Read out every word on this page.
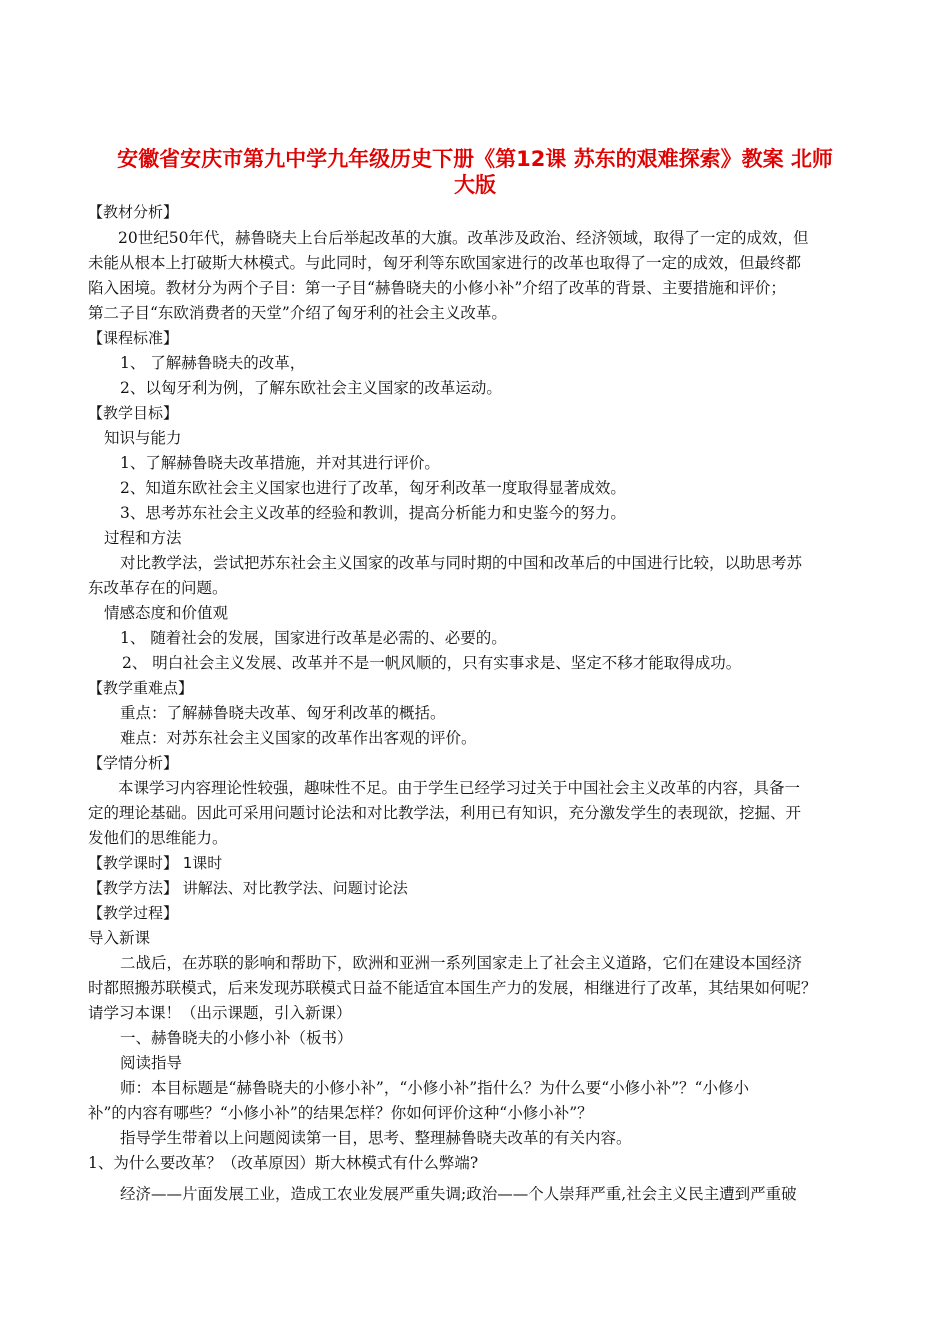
安徽省安庆市第九中学九年级历史下册《第12课 苏东的艰难探索》教案 北师
大版
【教材分析】
20世纪50年代，赫鲁晓夫上台后举起改革的大旗。改革涉及政治、经济领域，取得了一定的成效，但
未能从根本上打破斯大林模式。与此同时，匈牙利等东欧国家进行的改革也取得了一定的成效，但最终都
陷入困境。教材分为两个子目：第一子目“赫鲁晓夫的小修小补”介绍了改革的背景、主要措施和评价；
第二子目“东欧消费者的天堂”介绍了匈牙利的社会主义改革。
【课程标准】
1、 了解赫鲁晓夫的改革，
2、以匈牙利为例，了解东欧社会主义国家的改革运动。
【教学目标】
知识与能力
1、了解赫鲁晓夫改革措施，并对其进行评价。
2、知道东欧社会主义国家也进行了改革，匈牙利改革一度取得显著成效。
3、思考苏东社会主义改革的经验和教训，提高分析能力和史鉴今的努力。
过程和方法
对比教学法，尝试把苏东社会主义国家的改革与同时期的中国和改革后的中国进行比较，以助思考苏
东改革存在的问题。
情感态度和价值观
1、 随着社会的发展，国家进行改革是必需的、必要的。
2、 明白社会主义发展、改革并不是一帆风顺的，只有实事求是、坚定不移才能取得成功。
【教学重难点】
重点：了解赫鲁晓夫改革、匈牙利改革的概括。
难点：对苏东社会主义国家的改革作出客观的评价。
【学情分析】
本课学习内容理论性较强，趣味性不足。由于学生已经学习过关于中国社会主义改革的内容，具备一
定的理论基础。因此可采用问题讨论法和对比教学法，利用已有知识，充分激发学生的表现欲，挖掘、开
发他们的思维能力。
【教学课时】 1课时
【教学方法】 讲解法、对比教学法、问题讨论法
【教学过程】
导入新课
二战后，在苏联的影响和帮助下，欧洲和亚洲一系列国家走上了社会主义道路，它们在建设本国经济
时都照搬苏联模式，后来发现苏联模式日益不能适宜本国生产力的发展，相继进行了改革，其结果如何呢？
请学习本课！（出示课题，引入新课）
一、赫鲁晓夫的小修小补（板书）
阅读指导
师：本目标题是“赫鲁晓夫的小修小补”，“小修小补”指什么？为什么要“小修小补”？“小修小
补”的内容有哪些？“小修小补”的结果怎样？你如何评价这种“小修小补”？
指导学生带着以上问题阅读第一目，思考、整理赫鲁晓夫改革的有关内容。
1、为什么要改革？（改革原因）斯大林模式有什么弊端?
经济——片面发展工业，造成工农业发展严重失调;政治——个人崇拜严重,社会主义民主遭到严重破
